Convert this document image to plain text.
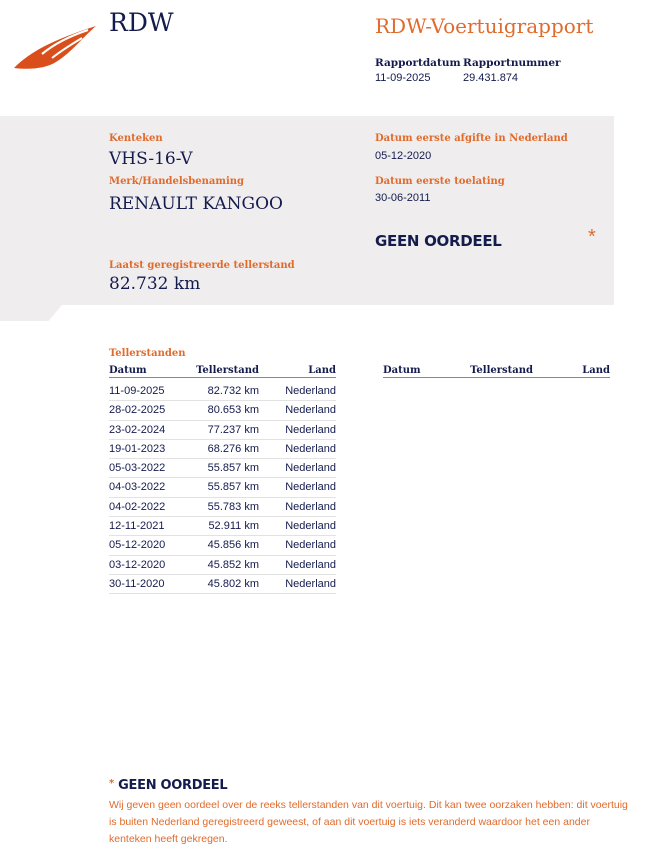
RDW	RDW-Voertuigrapport
Rapportdatum
11-09-2025
Rapportnummer
29.431.874
Kenteken
VHS-16-V
Merk/Handelsbenaming
RENAULT KANGOO
Datum eerste afgifte in Nederland
05-12-2020
Datum eerste toelating
30-06-2011
GEEN OORDEEL	*
Laatst geregistreerde tellerstand
82.732 km
Tellerstanden
Datum	Tellerstand	Land	Datum	Tellerstand	Land
11-09-2025	82.732 km Nederland
28-02-2025	80.653 km Nederland
23-02-2024	77.237 km Nederland
19-01-2023	68.276 km Nederland
05-03-2022	55.857 km Nederland
04-03-2022	55.857 km Nederland
04-02-2022	55.783 km Nederland
12-11-2021	52.911 km Nederland
05-12-2020	45.856 km Nederland
03-12-2020	45.852 km Nederland
30-11-2020	45.802 km Nederland
* GEEN OORDEEL
Wij geven geen oordeel over de reeks tellerstanden van dit voertuig. Dit kan twee oorzaken hebben: dit voertuig is buiten Nederland geregistreerd geweest, of aan dit voertuig is iets veranderd waardoor het een ander kenteken heeft gekregen.
